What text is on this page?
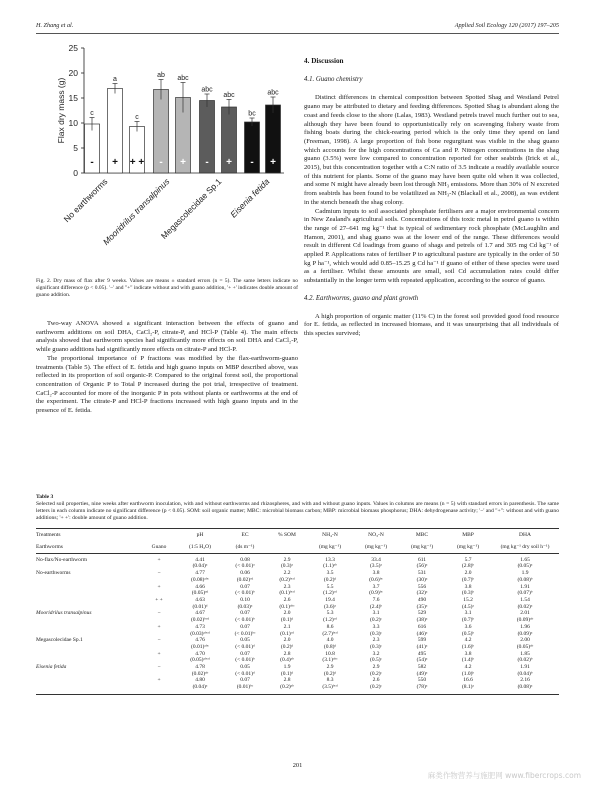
H. Zhang et al.	Applied Soil Ecology 120 (2017) 197–205
0
5
10
15
20
25
Flax dry mass (g)	c
-
a
+
c
+ +
ab
-
abc
+
abc
-
abc
+
bc
-
abc
+
No earthworms
Mooridrilus transalpinus
Megascolecidae Sp.1 Eisenia fetida
Fig. 2. Dry mass of flax after 9 weeks. Values are means ± standard errors (n = 5). The same letters indicate no significant difference (p < 0.05). '−' and "+" indicate without and with guano addition, '+ +' indicates double amount of guano addition.

Two-way ANOVA showed a significant interaction between the effects of guano and earthworm additions on soil DHA, CaCl₂-P, citrate-P, and HCl-P (Table 4). The main effects analysis showed that earthworm species had significantly more effects on soil DHA and CaCl₂-P, while guano additions had significantly more effects on citrate-P and HCl-P.

The proportional importance of P fractions was modified by the flax-earthworm-guano treatments (Table 5). The effect of E. fetida and high guano inputs on MBP described above, was reflected in its proportion of soil organic-P. Compared to the original forest soil, the proportional concentration of Organic P to Total P increased during the pot trial, irrespective of treatment. CaCl₂-P accounted for more of the inorganic P in pots without plants or earthworms at the end of the experiment. The citrate-P and HCl-P fractions increased with high guano inputs and in the presence of E. fetida.

4. Discussion
4.1. Guano chemistry

Distinct differences in chemical composition between Spotted Shag and Westland Petrel guano may be attributed to dietary and feeding differences. Spotted Shag is abundant along the coast and feeds close to the shore (Lalas, 1983). Westland petrels travel much further out to sea, although they have been found to opportunistically rely on scavenging fishery waste from fishing boats during the chick-rearing period which is the only time they spend on land (Freeman, 1998). A large proportion of fish bone regurgitant was visible in the shag guano which accounts for the high concentrations of Ca and P. Nitrogen concentrations in the shag guano (3.5%) were low compared to concentration reported for other seabirds (Irick et al., 2015), but this concentration together with a C:N ratio of 3.5 indicate a readily available source of this nutrient for plants. Some of the guano may have been quite old when it was collected, and some N might have already been lost through NH₃ emissions. More than 30% of N excreted from seabirds has been found to be volatilized as NH₃-N (Blackall et al., 2008), as was evident in the stench beneath the shag colony.

Cadmium inputs to soil associated phosphate fertilisers are a major environmental concern in New Zealand's agricultural soils. Concentrations of this toxic metal in petrel guano is within the range of 27–641 mg kg⁻¹ that is typical of sedimentary rock phosphate (McLaughlin and Hamon, 2001), and shag guano was at the lower end of the range. These differences would result in different Cd loadings from guano of shags and petrels of 1.7 and 305 mg Cd kg⁻¹ of applied P. Applications rates of fertiliser P to agricultural pasture are typically in the order of 50 kg P ha⁻¹, which would add 0.85–15.25 g Cd ha⁻¹ if guano of either of these species were used as a fertiliser. Whilst these amounts are small, soil Cd accumulation rates could differ substantially in the longer term with repeated application, according to the source of guano.

4.2. Earthworms, guano and plant growth

A high proportion of organic matter (11% C) in the forest soil provided good food resource for E. fetida, as reflected in increased biomass, and it was unsurprising that all individuals of this species survived;

Table 3
Selected soil properties, nine weeks after earthworm inoculation, with and without earthworms and rhizospheres, and with and without guano inputs. Values in columns are means (n = 5) with standard errors in parenthesis. The same letters in each column indicate no significant difference (p < 0.05). SOM: soil organic matter; MBC: microbial biomass carbon; MBP: microbial biomass phosphorus; DHA: dehydrogenase activity; '−' and "+": without and with guano additions; '+ +': double amount of guano addition.
Treatments		pH	EC	% SOM	NH₄-N	NO₃-N	MBC	MBP	DHA
Earthworms	Guano	(1:5 H₂O)	(ds m⁻¹)		(mg kg⁻¹)	(mg kg⁻¹)	(mg kg⁻¹)	(mg kg⁻¹)	(mg kg⁻¹ dry soil h⁻¹)
No-flax/No-earthworm	+	4.41	0.08	2.9	13.3	33.4	611	5.7	1.65
		(0.04)ᵃ	(< 0.01)ᵃ	(0.3)ᵃ	(1.1)ᵃᵇ	(3.5)ᵃ	(56)ᵃ	(2.8)ᵇ	(0.05)ᵃ
No-earthworms	−	4.77	0.06	2.2	3.5	3.8	531	2.0	1.9
		(0.08)ᵃᵇᶜ	(0.02)ᶜᵈ	(0.2)ᵇᶜᵈ	(0.2)ᵈ	(0.6)ᵇᶜ	(30)ᵃ	(0.7)ᵇ	(0.08)ᵇ
	+	4.66	0.07	2.3	5.5	3.7	556	3.8	1.91
		(0.05)ᵃᵈ	(< 0.01)ᵇ	(0.1)ᵇᶜᵈ	(1.2)ᶜᵈ	(0.9)ᵇᶜ	(32)ᵃ	(0.3)ᵇ	(0.07)ᵇ
	+ +	4.63	0.10	2.6	19.4	7.6	490	15.2	1.54
		(0.01)ᵈ	(0.03)ᵃ	(0.1)ᵃᵇᶜ	(3.6)ᵃ	(2.4)ᵇ	(35)ᵃ	(4.5)ᵃ	(0.02)ᵃ
Mooridrilus transalpinus	−	4.67	0.07	2.0	5.3	3.1	529	3.1	2.01
		(0.02)ᵇᶜᵈ	(< 0.01)ᵇ	(0.1)ᵈ	(1.2)ᶜᵈ	(0.2)ᶜ	(38)ᵃ	(0.7)ᵇ	(0.09)ᵃᵇ
	+	4.73	0.07	2.1	8.6	3.3	616	3.6	1.96
		(0.03)ᵃᵇᶜᵈ	(< 0.01)ᵇᶜ	(0.1)ᶜᵈ	(2.7)ᵇᶜᵈ	(0.3)ᶜ	(46)ᵃ	(0.5)ᵇ	(0.09)ᵃ
Megascolecidae Sp.1	−	4.76	0.05	2.0	4.0	2.3	599	4.2	2.00
		(0.01)ᵃᵇᶜ	(< 0.01)ᵈ	(0.2)ᵈ	(0.8)ᵈ	(0.3)ᶜ	(41)ᵃ	(1.6)ᵇ	(0.05)ᵃᵇ
	+	4.70	0.07	2.8	10.8	3.2	495	3.8	1.85
		(0.05)ᵃᵇᶜᵈ	(< 0.01)ᵇ	(0.4)ᵃᵇ	(3.1)ᵃᵇᶜ	(0.5)ᶜ	(54)ᵃ	(1.4)ᵇ	(0.02)ᵇ
Eisenia fetida	−	4.78	0.05	1.9	2.9	2.9	582	4.2	1.91
		(0.02)ᵃᵇ	(< 0.01)ᵈ	(0.1)ᵈ	(0.2)ᵈ	(0.2)ᶜ	(49)ᵃ	(1.0)ᵇ	(0.04)ᵇ
	+	4.80	0.07	2.8	8.3	2.6	550	16.6	2.16
		(0.04)ᵃ	(0.01)ᵇᶜ	(0.2)ᵃᵇ	(3.5)ᵇᶜᵈ	(0.2)ᶜ	(78)ᵃ	(8.1)ᵃ	(0.08)ᵃ
201
麻类作物营养与施肥网 www.fibercrops.com
